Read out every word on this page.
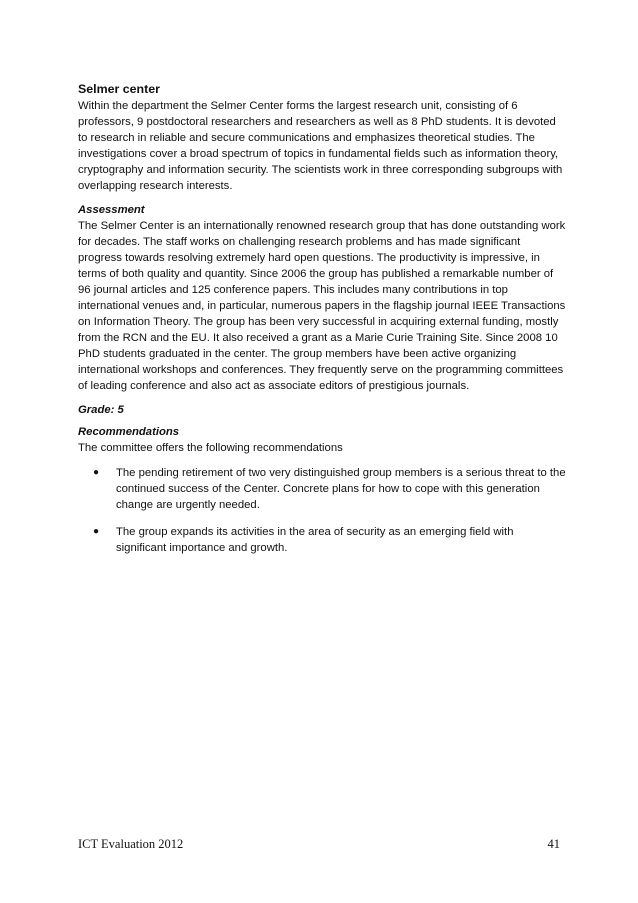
Selmer center

Within the department the Selmer Center forms the largest research unit, consisting of 6 professors, 9 postdoctoral researchers and researchers as well as 8 PhD students. It is devoted to research in reliable and secure communications and emphasizes theoretical studies. The investigations cover a broad spectrum of topics in fundamental fields such as information theory, cryptography and information security. The scientists work in three corresponding subgroups with overlapping research interests.

Assessment

The Selmer Center is an internationally renowned research group that has done outstanding work for decades. The staff works on challenging research problems and has made significant progress towards resolving extremely hard open questions. The productivity is impressive, in terms of both quality and quantity. Since 2006 the group has published a remarkable number of 96 journal articles and 125 conference papers. This includes many contributions in top international venues and, in particular, numerous papers in the flagship journal IEEE Transactions on Information Theory. The group has been very successful in acquiring external funding, mostly from the RCN and the EU. It also received a grant as a Marie Curie Training Site. Since 2008 10 PhD students graduated in the center. The group members have been active organizing international workshops and conferences. They frequently serve on the programming committees of leading conference and also act as associate editors of prestigious journals.

Grade: 5
Recommendations

The committee offers the following recommendations

● The pending retirement of two very distinguished group members is a serious threat to the continued success of the Center. Concrete plans for how to cope with this generation change are urgently needed.
● The group expands its activities in the area of security as an emerging field with significant importance and growth.
ICT Evaluation 2012	41
